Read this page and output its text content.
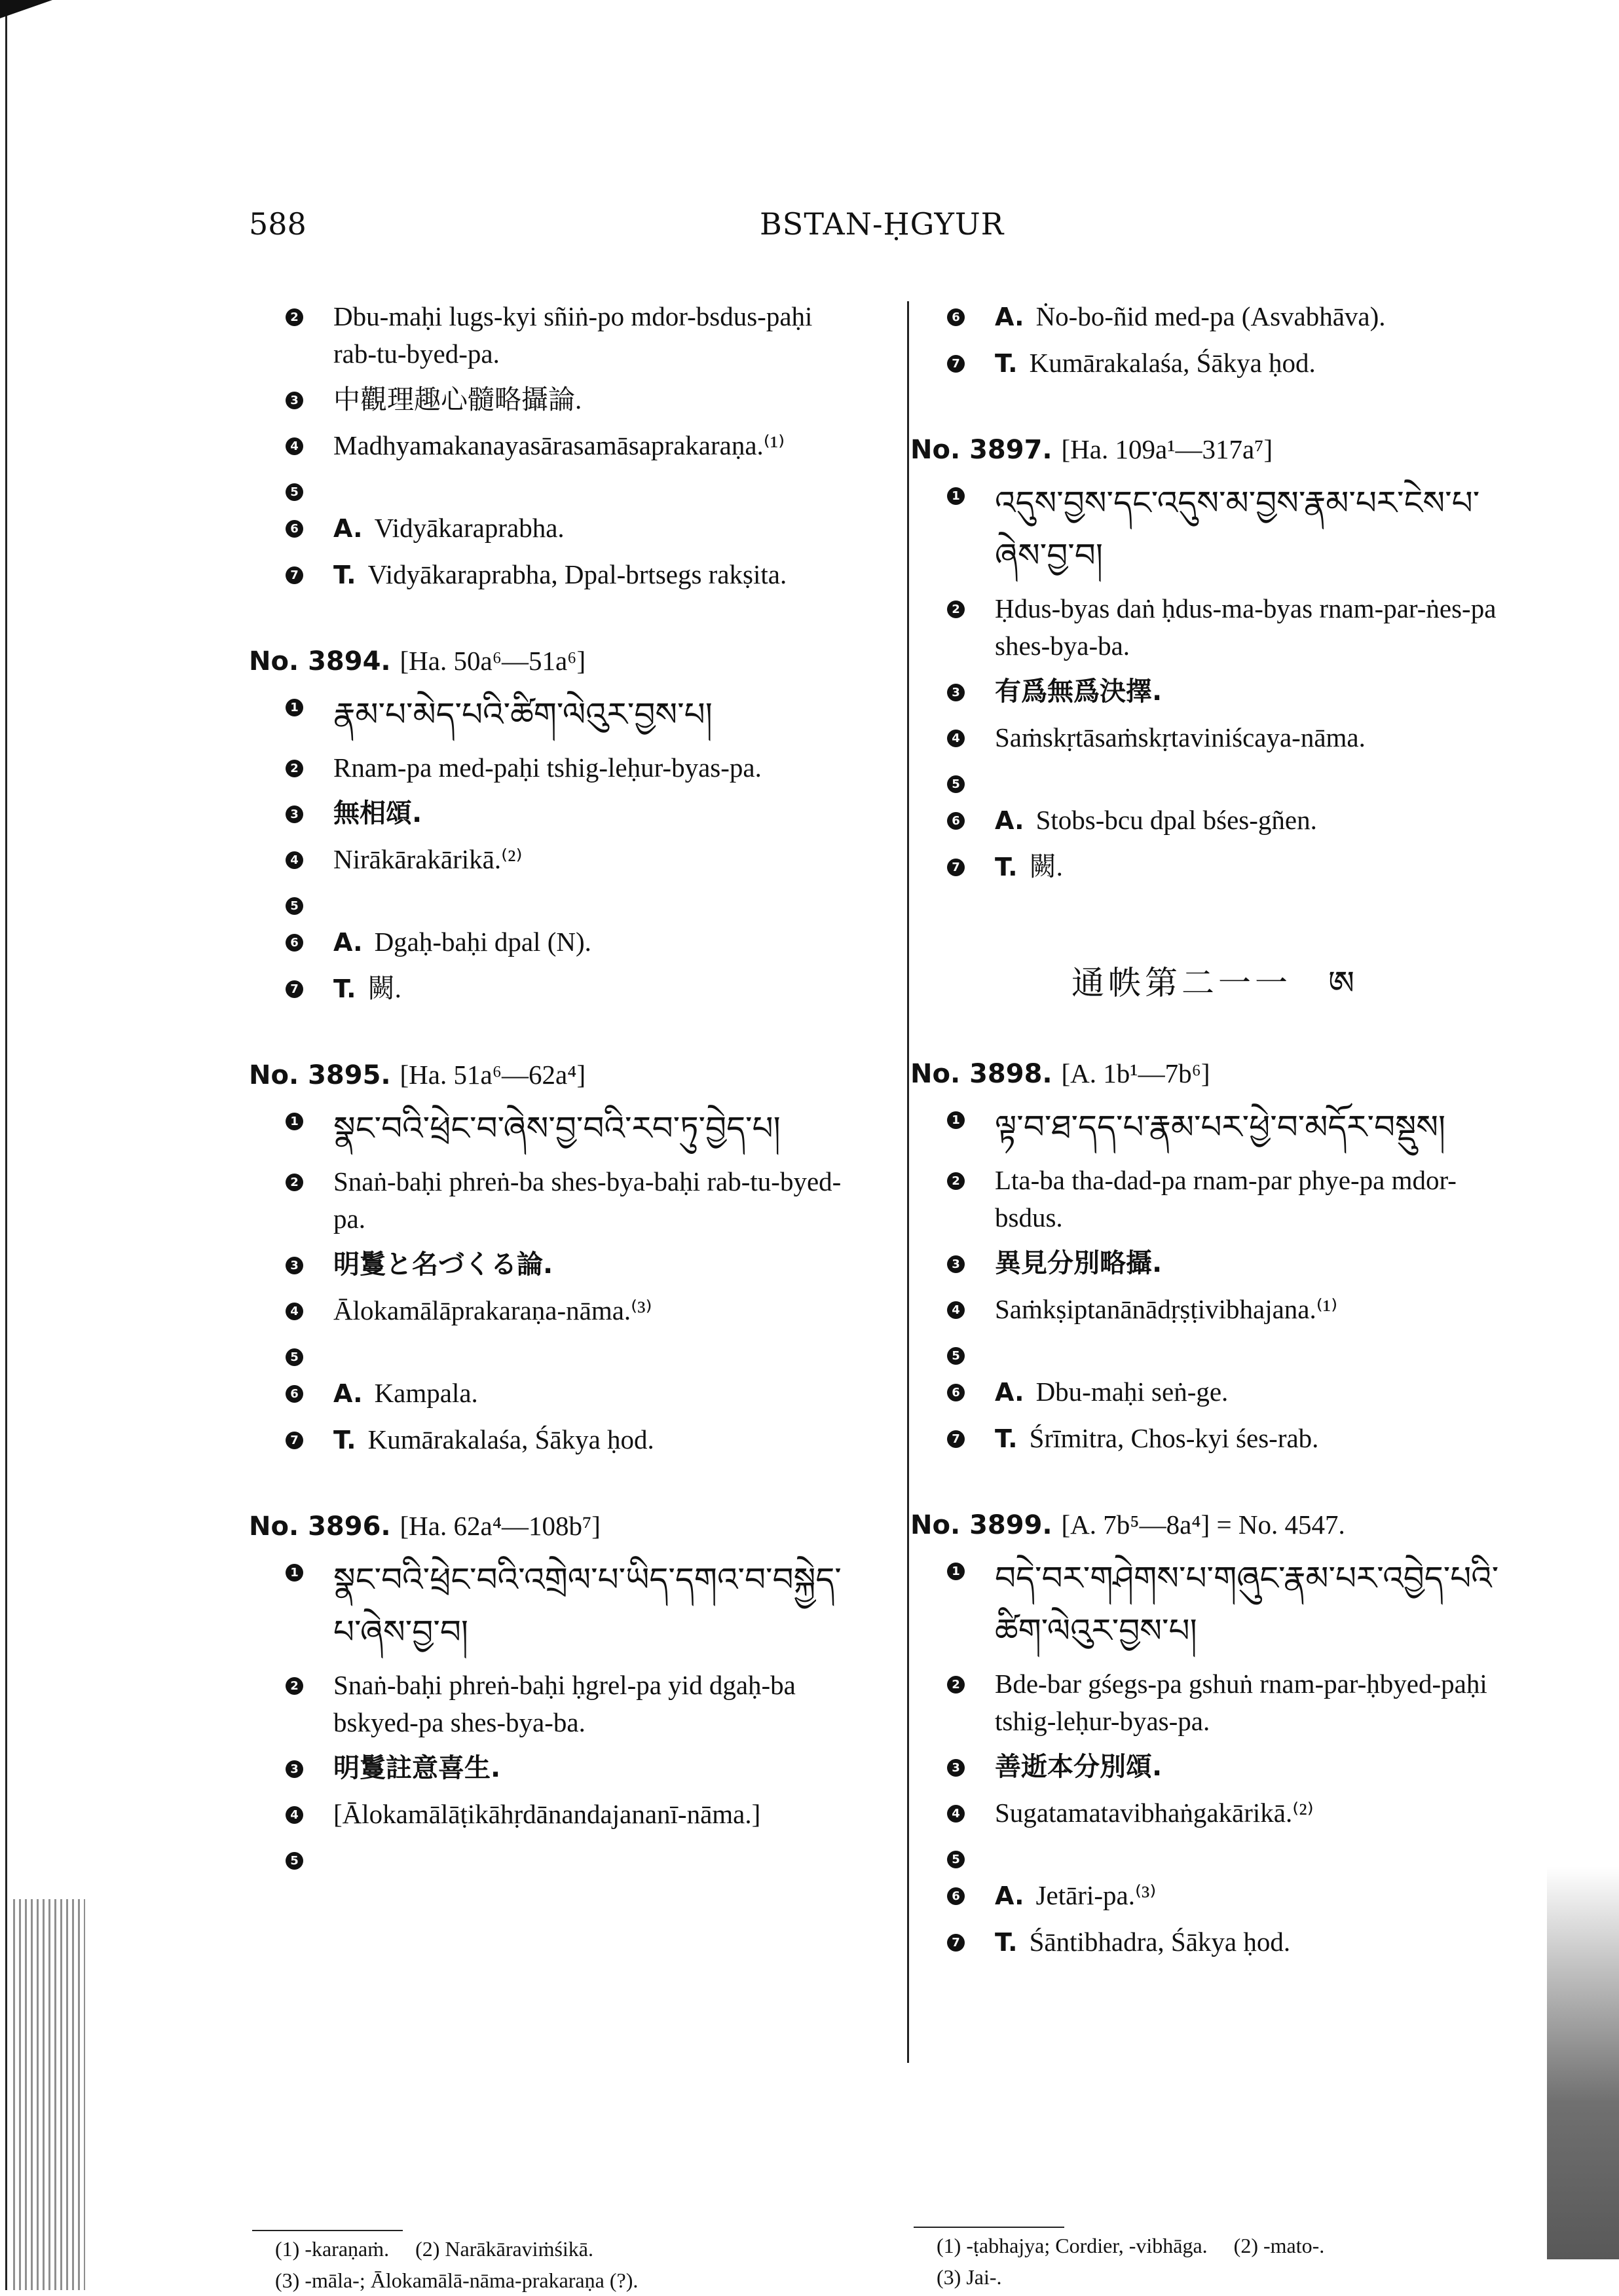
588	BSTAN-ḤGYUR
2 Dbu-maḥi lugs-kyi sñiṅ-po mdor-bsdus-paḥi rab-tu-byed-pa.
3 中觀理趣心髓略攝論.
4 Madhyamakanayasārasamāsaprakaraṇa.⁽¹⁾
5
6 A. Vidyākaraprabha.
7 T. Vidyākaraprabha, Dpal-brtsegs rakṣita.
No. 3894. [Ha. 50a⁶—51a⁶]
1 རྣམ་པ་མེད་པའི་ཚིག་ལེའུར་བྱས་པ།
2 Rnam-pa med-paḥi tshig-leḥur-byas-pa.
3 無相頌.
4 Nirākārakārikā.⁽²⁾
5
6 A. Dgaḥ-baḥi dpal (N).
7 T. 闕.
No. 3895. [Ha. 51a⁶—62a⁴]
1 སྣང་བའི་ཕྲེང་བ་ཞེས་བྱ་བའི་རབ་ཏུ་བྱེད་པ།
2 Snaṅ-baḥi phreṅ-ba shes-bya-baḥi rab-tu-byed-pa.
3 明鬘と名づくる論.
4 Ālokamālāprakaraṇa-nāma.⁽³⁾
5
6 A. Kampala.
7 T. Kumārakalaśa, Śākya ḥod.
No. 3896. [Ha. 62a⁴—108b⁷]
1 སྣང་བའི་ཕྲེང་བའི་འགྲེལ་པ་ཡིད་དགའ་བ་བསྐྱེད་པ་ཞེས་བྱ་བ།
2 Snaṅ-baḥi phreṅ-baḥi ḥgrel-pa yid dgaḥ-ba bskyed-pa shes-bya-ba.
3 明鬘註意喜生.
4 [Ālokamālāṭikāhṛdānandajananī-nāma.]
5
6 A. Ṅo-bo-ñid med-pa (Asvabhāva).
7 T. Kumārakalaśa, Śākya ḥod.
No. 3897. [Ha. 109a¹—317a⁷]
1 འདུས་བྱས་དང་འདུས་མ་བྱས་རྣམ་པར་ངེས་པ་ཞེས་བྱ་བ།
2 Ḥdus-byas daṅ ḥdus-ma-byas rnam-par-ṅes-pa shes-bya-ba.
3 有爲無爲決擇.
4 Saṁskṛtāsaṁskṛtaviniścaya-nāma.
5
6 A. Stobs-bcu dpal bśes-gñen.
7 T. 闕.
通帙第二一一　ཨ
No. 3898. [A. 1b¹—7b⁶]
1 ལྟ་བ་ཐ་དད་པ་རྣམ་པར་ཕྱེ་བ་མདོར་བསྡུས།
2 Lta-ba tha-dad-pa rnam-par phye-pa mdor-bsdus.
3 異見分別略攝.
4 Saṁkṣiptanānādṛṣṭivibhajana.⁽¹⁾
5
6 A. Dbu-maḥi seṅ-ge.
7 T. Śrīmitra, Chos-kyi śes-rab.
No. 3899. [A. 7b⁵—8a⁴] = No. 4547.
1 བདེ་བར་གཤེགས་པ་གཞུང་རྣམ་པར་འབྱེད་པའི་ཚིག་ལེའུར་བྱས་པ།
2 Bde-bar gśegs-pa gshuṅ rnam-par-ḥbyed-paḥi tshig-leḥur-byas-pa.
3 善逝本分別頌.
4 Sugatamatavibhaṅgakārikā.⁽²⁾
5
6 A. Jetāri-pa.⁽³⁾
7 T. Śāntibhadra, Śākya ḥod.
(1) -karaṇaṁ. (2) Narākāraviṁśikā.
(3) -māla-; Ālokamālā-nāma-prakaraṇa (?).
(1) -ṭabhajya; Cordier, -vibhāga. (2) -mato-.
(3) Jai-.
